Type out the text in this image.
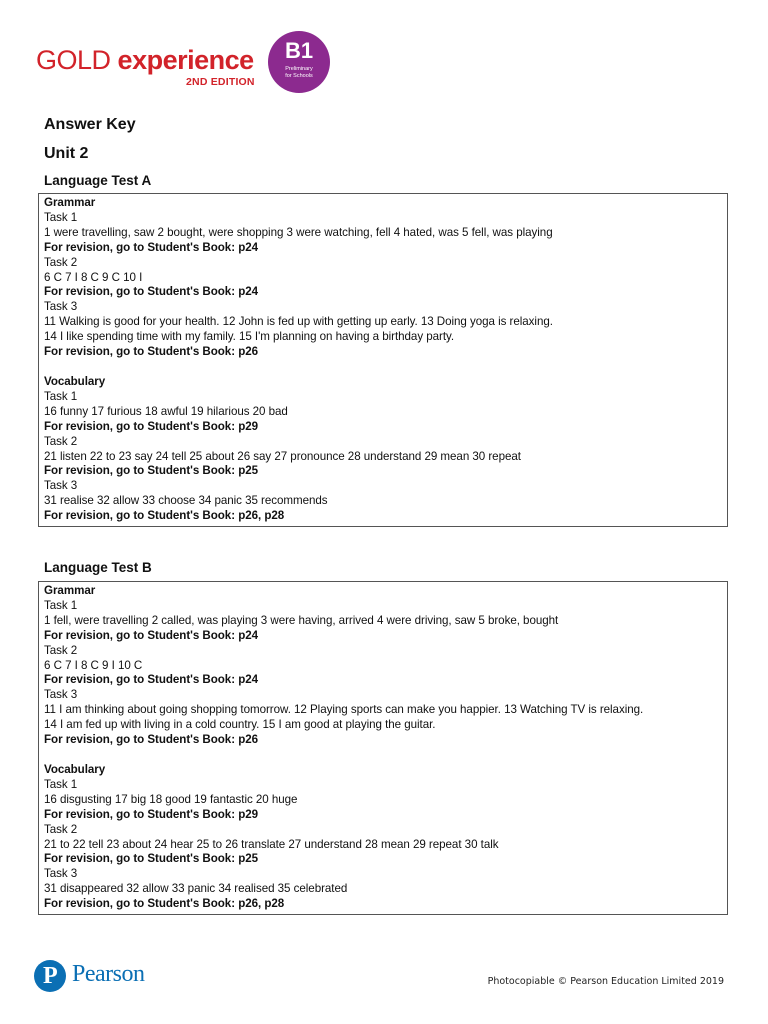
GOLD experience
2ND EDITION
B1
Preliminary
for Schools
Answer Key
Unit 2
Language Test A
Grammar
Task 1
1 were travelling, saw 2 bought, were shopping 3 were watching, fell 4 hated, was 5 fell, was playing
For revision, go to Student's Book: p24
Task 2
6 C 7 I 8 C 9 C 10 I
For revision, go to Student's Book: p24
Task 3
11 Walking is good for your health. 12 John is fed up with getting up early. 13 Doing yoga is relaxing.
14 I like spending time with my family. 15 I'm planning on having a birthday party.
For revision, go to Student's Book: p26
Vocabulary
Task 1
16 funny 17 furious 18 awful 19 hilarious 20 bad
For revision, go to Student's Book: p29
Task 2
21 listen 22 to 23 say 24 tell 25 about 26 say 27 pronounce 28 understand 29 mean 30 repeat
For revision, go to Student's Book: p25
Task 3
31 realise 32 allow 33 choose 34 panic 35 recommends
For revision, go to Student's Book: p26, p28
Language Test B
Grammar
Task 1
1 fell, were travelling 2 called, was playing 3 were having, arrived 4 were driving, saw 5 broke, bought
For revision, go to Student's Book: p24
Task 2
6 C 7 I 8 C 9 I 10 C
For revision, go to Student's Book: p24
Task 3
11 I am thinking about going shopping tomorrow. 12 Playing sports can make you happier. 13 Watching TV is relaxing.
14 I am fed up with living in a cold country. 15 I am good at playing the guitar.
For revision, go to Student's Book: p26
Vocabulary
Task 1
16 disgusting 17 big 18 good 19 fantastic 20 huge
For revision, go to Student's Book: p29
Task 2
21 to 22 tell 23 about 24 hear 25 to 26 translate 27 understand 28 mean 29 repeat 30 talk
For revision, go to Student's Book: p25
Task 3
31 disappeared 32 allow 33 panic 34 realised 35 celebrated
For revision, go to Student's Book: p26, p28
P Pearson	Photocopiable © Pearson Education Limited 2019
